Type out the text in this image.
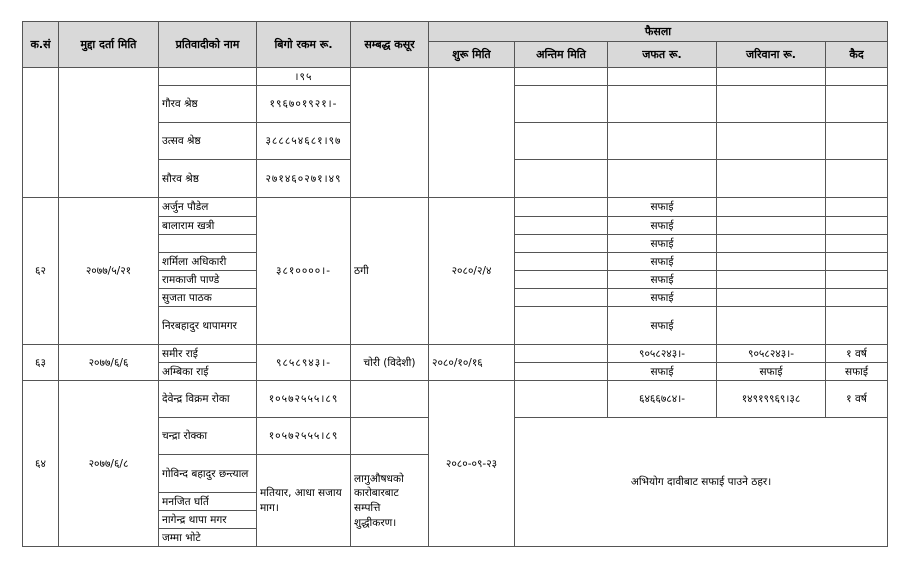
क.सं	मुद्दा दर्ता मिति	प्रतिवादीको नाम	बिगो रकम रू.	सम्बद्ध कसूर	फैसला				
					शुरू मिति	अन्तिम मिति	जफत रू.	जरिवाना रू.	कैद
			।९५						
		गौरव श्रेष्ठ	१९६७०१९२१।-						
		उत्सव श्रेष्ठ	३८८८५४६८१।९७						
		सौरव श्रेष्ठ	२७१४६०२७१।४९						
६२	२०७७/५/२१	अर्जुन पौडेल	३८१००००।-	ठगी	२०८०/२/४		सफाई		
		बालाराम खत्री					सफाई		
							सफाई		
		शर्मिला अधिकारी					सफाई		
		रामकाजी पाण्डे					सफाई		
		सुजता पाठक					सफाई		
		निरबहादुर थापामगर					सफाई		
६३	२०७७/६/६	समीर राई	९८५८९४३।-	चोरी (विदेशी)	२०८०/१०/१६		९०५८२४३।-	९०५८२४३।-	१ वर्ष
		अम्बिका राई					सफाई	सफाई	सफाई
६४	२०७७/६/८	देवेन्द्र विक्रम रोका	१०५७२५५५।८९		२०८०-०९-२३		६४६६७८४।-	१४९१९९६९।३८	१ वर्ष
		चन्द्रा रोक्का	१०५७२५५५।८९			अभियोग दावीबाट सफाई पाउने ठहर।			
		गोविन्द बहादुर छन्त्याल	मतियार, आधा सजाय माग।	लागुऔषधको कारोबारबाट सम्पत्ति शुद्धीकरण।					
		मनजित घर्ति							
		नागेन्द्र थापा मगर							
		जम्मा भोटे							
